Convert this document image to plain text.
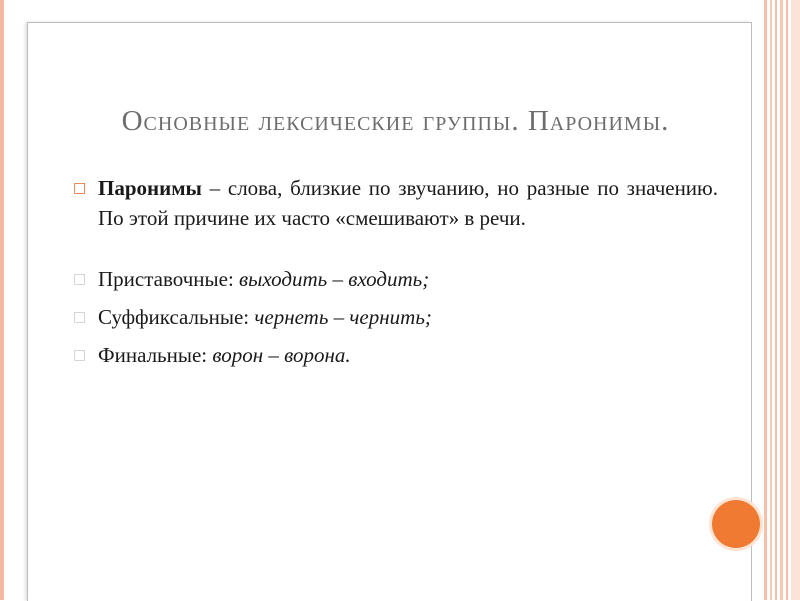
Основные лексические группы. Паронимы.
□ Паронимы – слова, близкие по звучанию, но разные по значению. По этой причине их часто «смешивают» в речи.
□ Приставочные: выходить – входить;
□ Суффиксальные: чернеть – чернить;
□ Финальные: ворон – ворона.
